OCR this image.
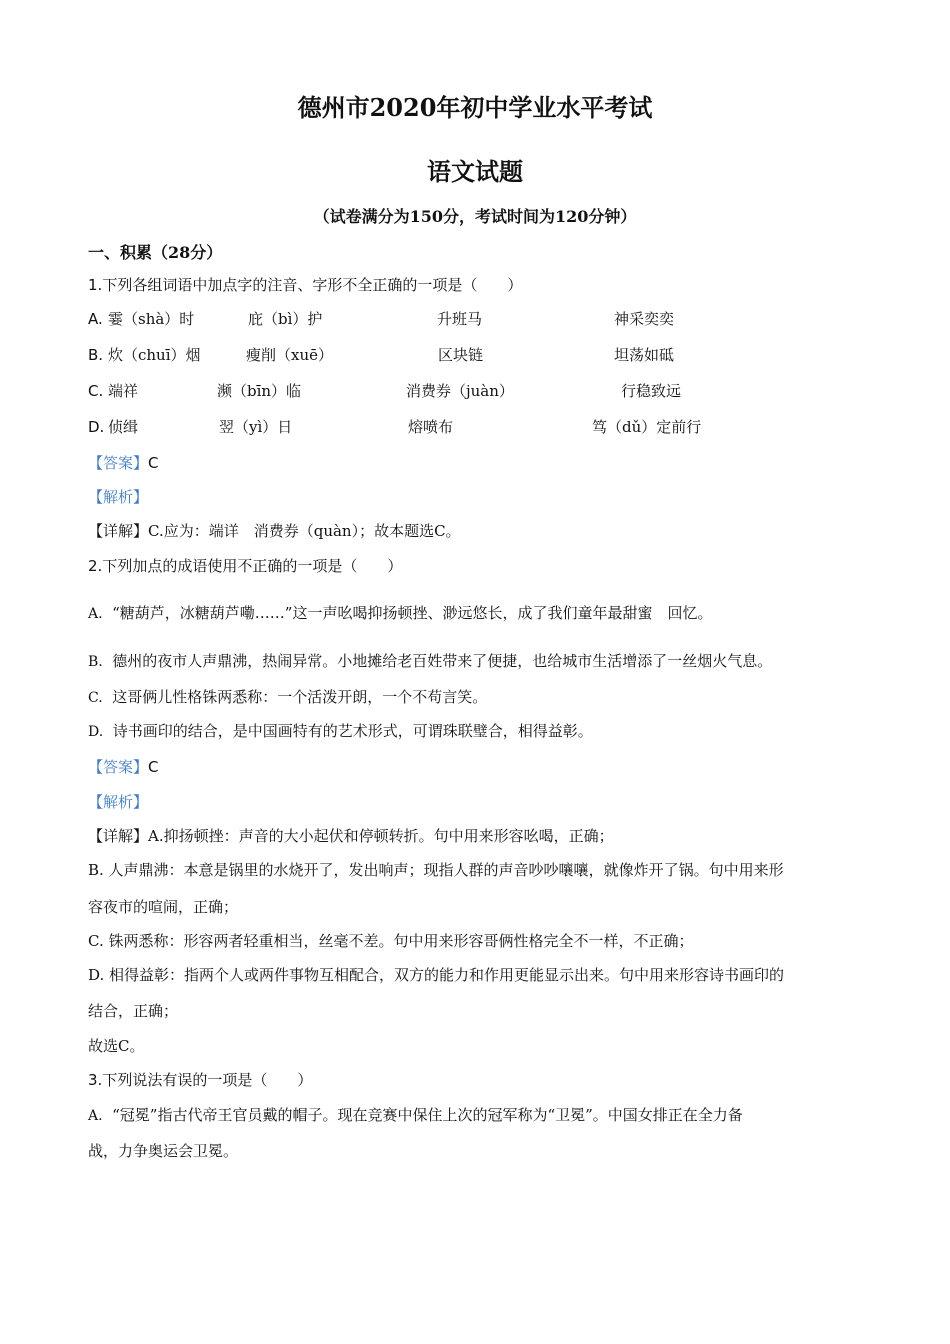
德州市2020年初中学业水平考试
语文试题
（试卷满分为150分，考试时间为120分钟）
一、积累（28分）
1.下列各组词语中加点字的注音、字形不全正确的一项是（　　）
A. 霎（shà）时	庇（bì）护	升班马	神采奕奕
B. 炊（chuī）烟	瘦削（xuē）	区块链	坦荡如砥
C. 端祥	濒（bīn）临	消费券（juàn）	行稳致远
D. 侦缉	翌（yì）日	熔喷布	笃（dǔ）定前行
【答案】C
【解析】
【详解】C.应为：端详　消费券（quàn）；故本题选C。
2.下列加点的成语使用不正确的一项是（　　）
A. “糖葫芦，冰糖葫芦嘞……”这一声吆喝抑扬顿挫、渺远悠长，成了我们童年最甜蜜　回忆。
B. 德州的夜市人声鼎沸，热闹异常。小地摊给老百姓带来了便捷，也给城市生活增添了一丝烟火气息。
C. 这哥俩儿性格铢两悉称：一个活泼开朗，一个不苟言笑。
D. 诗书画印的结合，是中国画特有的艺术形式，可谓珠联璧合，相得益彰。
【答案】C
【解析】
【详解】A.抑扬顿挫：声音的大小起伏和停顿转折。句中用来形容吆喝，正确；
B. 人声鼎沸：本意是锅里的水烧开了，发出响声；现指人群的声音吵吵嚷嚷，就像炸开了锅。句中用来形
容夜市的喧闹，正确；
C. 铢两悉称：形容两者轻重相当，丝毫不差。句中用来形容哥俩性格完全不一样，不正确；
D. 相得益彰：指两个人或两件事物互相配合，双方的能力和作用更能显示出来。句中用来形容诗书画印的
结合，正确；
故选C。
3.下列说法有误的一项是（　　）
A. “冠冕”指古代帝王官员戴的帽子。现在竞赛中保住上次的冠军称为“卫冕”。中国女排正在全力备
战，力争奥运会卫冕。
